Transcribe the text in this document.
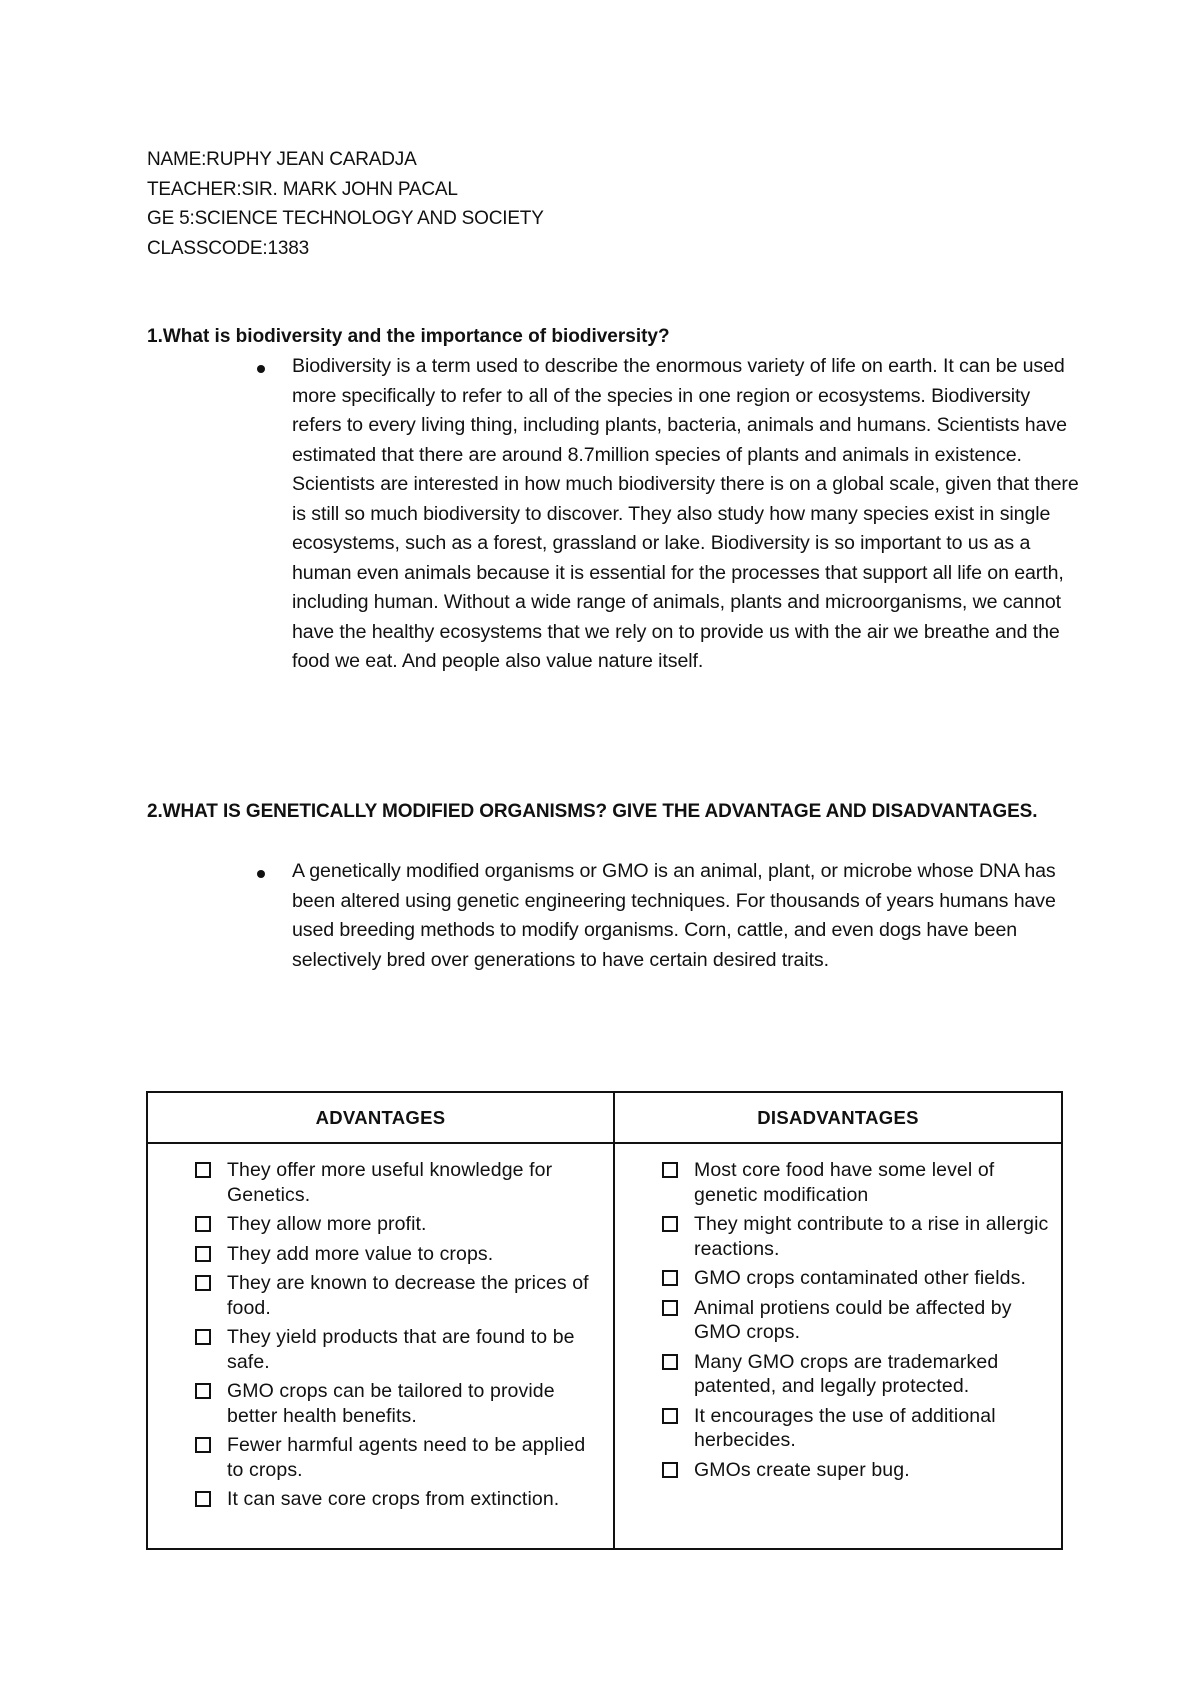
NAME:RUPHY JEAN CARADJA
TEACHER:SIR. MARK JOHN PACAL
GE 5:SCIENCE TECHNOLOGY AND SOCIETY
CLASSCODE:1383
1.What is biodiversity and the importance of biodiversity?

Biodiversity is a term used to describe the enormous variety of life on earth. It can be used more specifically to refer to all of the species in one region or ecosystems. Biodiversity refers to every living thing, including plants, bacteria, animals and humans. Scientists have estimated that there are around 8.7million species of plants and animals in existence. Scientists are interested in how much biodiversity there is on a global scale, given that there is still so much biodiversity to discover. They also study how many species exist in single ecosystems, such as a forest, grassland or lake. Biodiversity is so important to us as a human even animals because it is essential for the processes that support all life on earth, including human. Without a wide range of animals, plants and microorganisms, we cannot have the healthy ecosystems that we rely on to provide us with the air we breathe and the food we eat. And people also value nature itself.

2.WHAT IS GENETICALLY MODIFIED ORGANISMS? GIVE THE ADVANTAGE AND DISADVANTAGES.

A genetically modified organisms or GMO is an animal, plant, or microbe whose DNA has been altered using genetic engineering techniques. For thousands of years humans have used breeding methods to modify organisms. Corn, cattle, and even dogs have been selectively bred over generations to have certain desired traits.

ADVANTAGES	DISADVANTAGES
They offer more useful knowledge for Genetics.
They allow more profit.
They add more value to crops.
They are known to decrease the prices of food.
They yield products that are found to be safe.
GMO crops can be tailored to provide better health benefits.
Fewer harmful agents need to be applied to crops.
It can save core crops from extinction.
Most core food have some level of genetic modification
They might contribute to a rise in allergic reactions.
GMO crops contaminated other fields.
Animal protiens could be affected by GMO crops.
Many GMO crops are trademarked patented, and legally protected.
It encourages the use of additional herbecides.
GMOs create super bug.
